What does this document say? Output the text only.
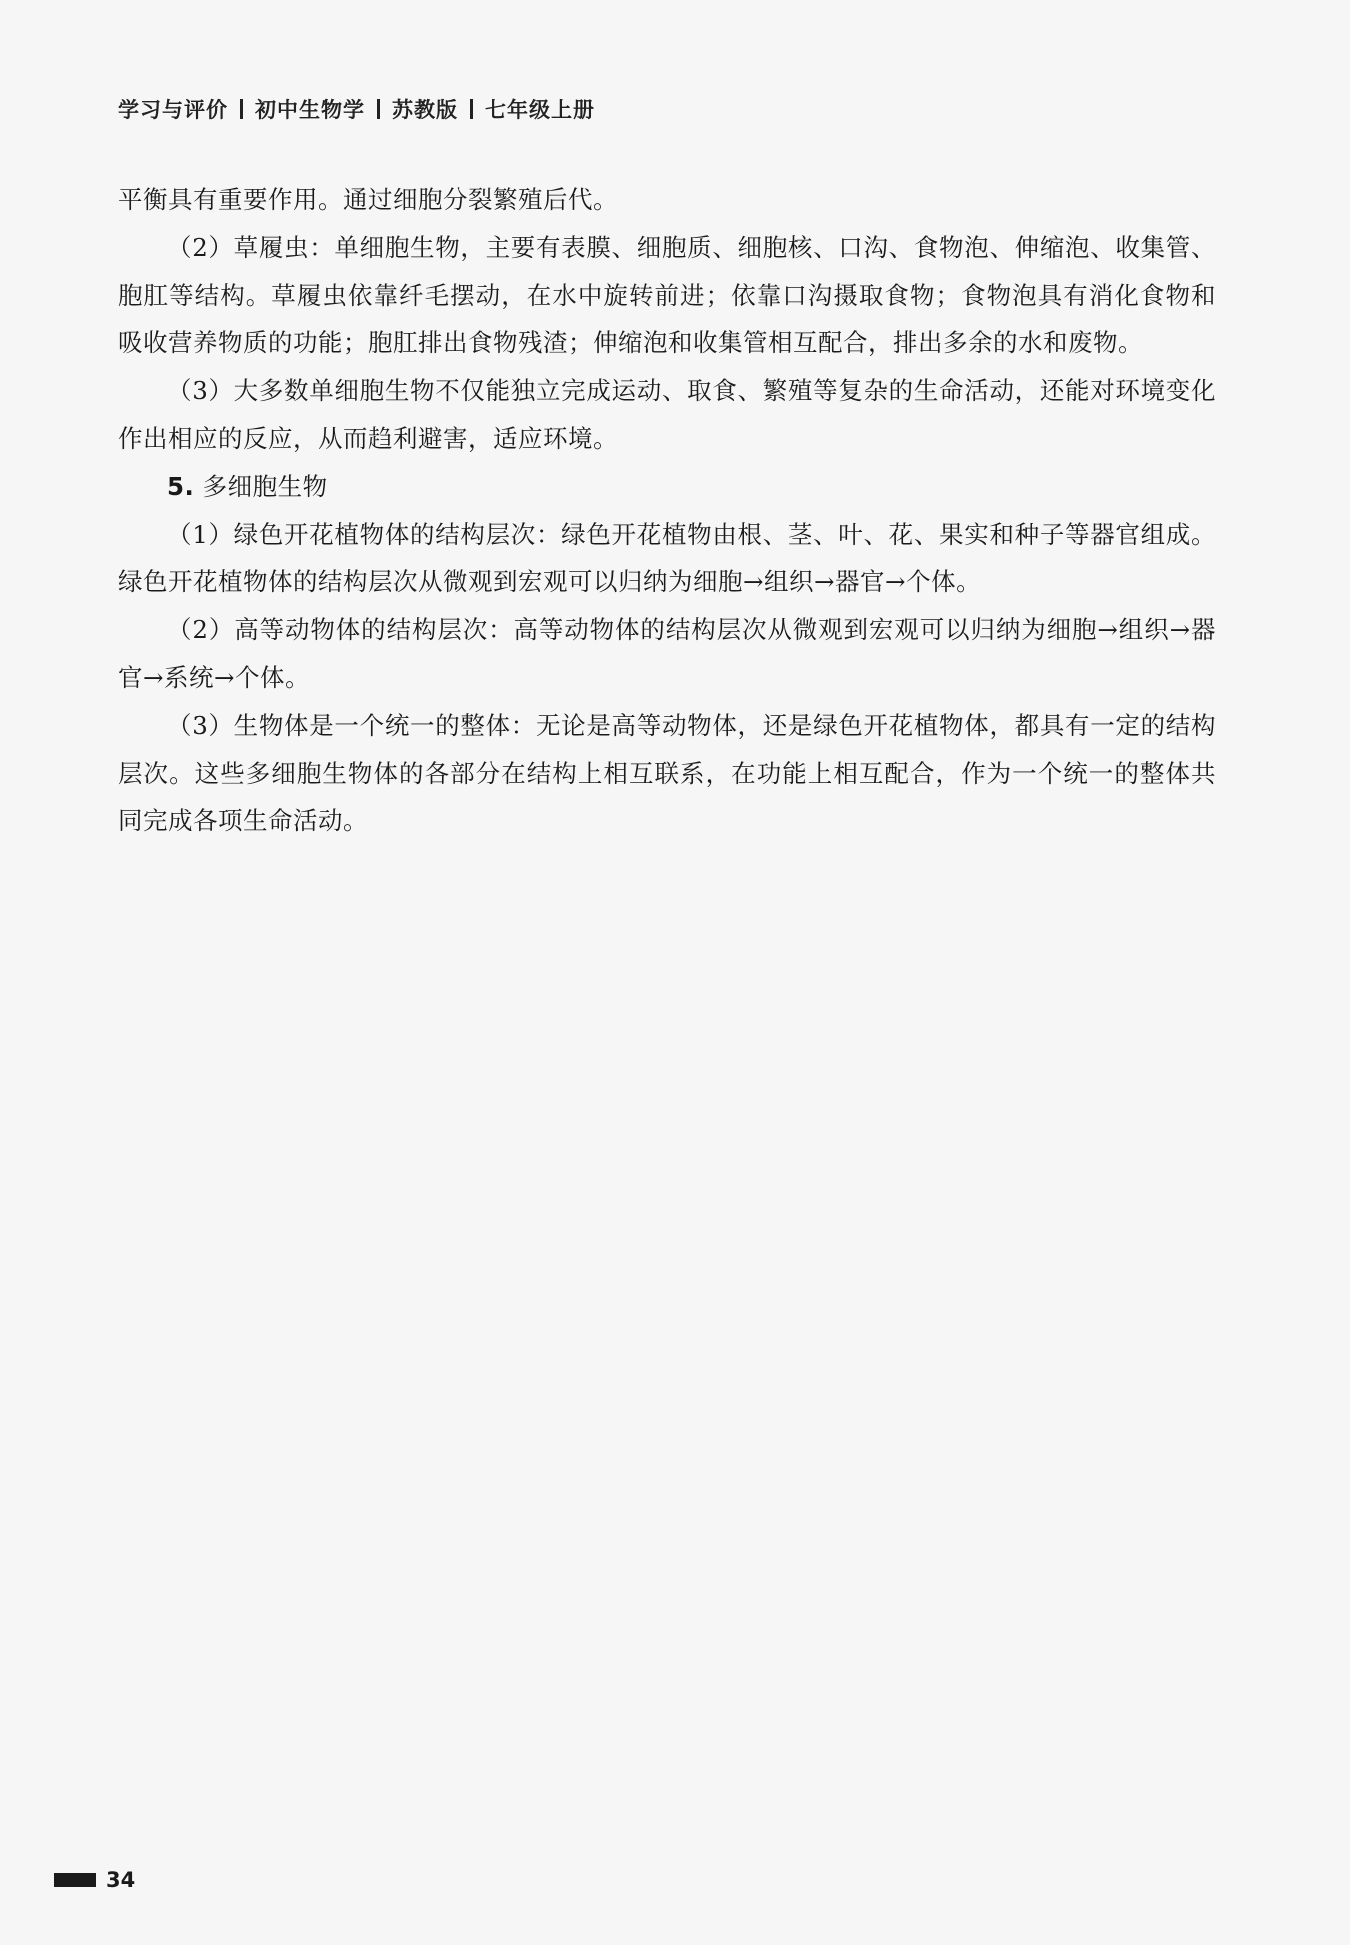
学习与评价 初中生物学 苏教版 七年级上册

平衡具有重要作用。通过细胞分裂繁殖后代。

（2）草履虫：单细胞生物，主要有表膜、细胞质、细胞核、口沟、食物泡、伸缩泡、收集管、胞肛等结构。草履虫依靠纤毛摆动，在水中旋转前进；依靠口沟摄取食物；食物泡具有消化食物和吸收营养物质的功能；胞肛排出食物残渣；伸缩泡和收集管相互配合，排出多余的水和废物。

（3）大多数单细胞生物不仅能独立完成运动、取食、繁殖等复杂的生命活动，还能对环境变化作出相应的反应，从而趋利避害，适应环境。

5. 多细胞生物

（1）绿色开花植物体的结构层次：绿色开花植物由根、茎、叶、花、果实和种子等器官组成。绿色开花植物体的结构层次从微观到宏观可以归纳为细胞→组织→器官→个体。

（2）高等动物体的结构层次：高等动物体的结构层次从微观到宏观可以归纳为细胞→组织→器官→系统→个体。

（3）生物体是一个统一的整体：无论是高等动物体，还是绿色开花植物体，都具有一定的结构层次。这些多细胞生物体的各部分在结构上相互联系，在功能上相互配合，作为一个统一的整体共同完成各项生命活动。

34
